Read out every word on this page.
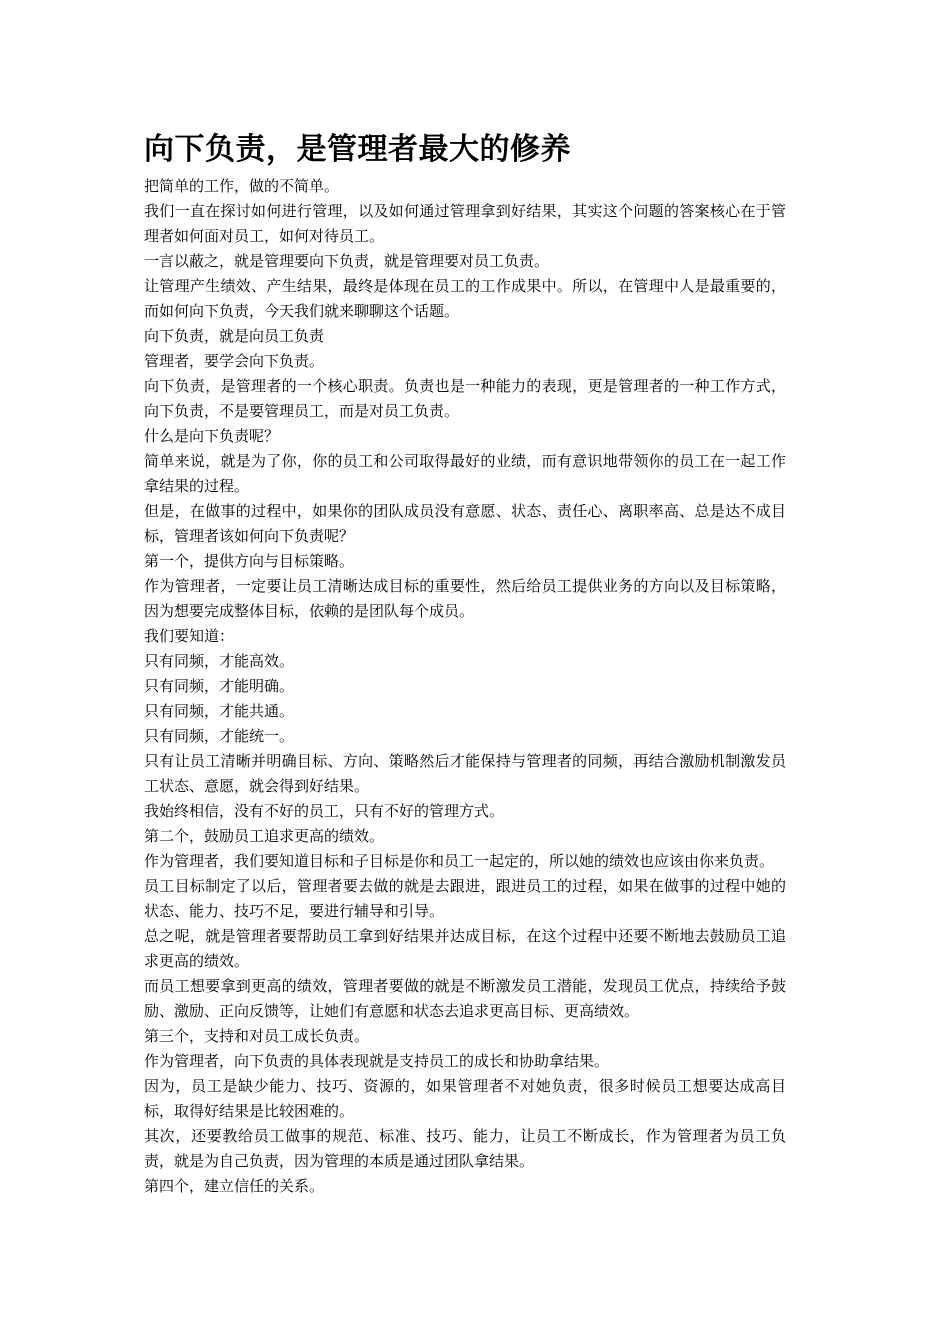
向下负责，是管理者最大的修养

把简单的工作，做的不简单。

我们一直在探讨如何进行管理，以及如何通过管理拿到好结果，其实这个问题的答案核心在于管理者如何面对员工，如何对待员工。

一言以蔽之，就是管理要向下负责，就是管理要对员工负责。

让管理产生绩效、产生结果，最终是体现在员工的工作成果中。所以，在管理中人是最重要的，而如何向下负责，今天我们就来聊聊这个话题。

向下负责，就是向员工负责

管理者，要学会向下负责。

向下负责，是管理者的一个核心职责。负责也是一种能力的表现，更是管理者的一种工作方式，向下负责，不是要管理员工，而是对员工负责。

什么是向下负责呢？

简单来说，就是为了你，你的员工和公司取得最好的业绩，而有意识地带领你的员工在一起工作拿结果的过程。

但是，在做事的过程中，如果你的团队成员没有意愿、状态、责任心、离职率高、总是达不成目标，管理者该如何向下负责呢？

第一个，提供方向与目标策略。

作为管理者，一定要让员工清晰达成目标的重要性，然后给员工提供业务的方向以及目标策略，因为想要完成整体目标，依赖的是团队每个成员。

我们要知道：

只有同频，才能高效。

只有同频，才能明确。

只有同频，才能共通。

只有同频，才能统一。

只有让员工清晰并明确目标、方向、策略然后才能保持与管理者的同频，再结合激励机制激发员工状态、意愿，就会得到好结果。

我始终相信，没有不好的员工，只有不好的管理方式。

第二个，鼓励员工追求更高的绩效。

作为管理者，我们要知道目标和子目标是你和员工一起定的，所以她的绩效也应该由你来负责。

员工目标制定了以后，管理者要去做的就是去跟进，跟进员工的过程，如果在做事的过程中她的状态、能力、技巧不足，要进行辅导和引导。

总之呢，就是管理者要帮助员工拿到好结果并达成目标，在这个过程中还要不断地去鼓励员工追求更高的绩效。

而员工想要拿到更高的绩效，管理者要做的就是不断激发员工潜能，发现员工优点，持续给予鼓励、激励、正向反馈等，让她们有意愿和状态去追求更高目标、更高绩效。

第三个，支持和对员工成长负责。

作为管理者，向下负责的具体表现就是支持员工的成长和协助拿结果。

因为，员工是缺少能力、技巧、资源的，如果管理者不对她负责，很多时候员工想要达成高目标，取得好结果是比较困难的。

其次，还要教给员工做事的规范、标准、技巧、能力，让员工不断成长，作为管理者为员工负责，就是为自己负责，因为管理的本质是通过团队拿结果。

第四个，建立信任的关系。
